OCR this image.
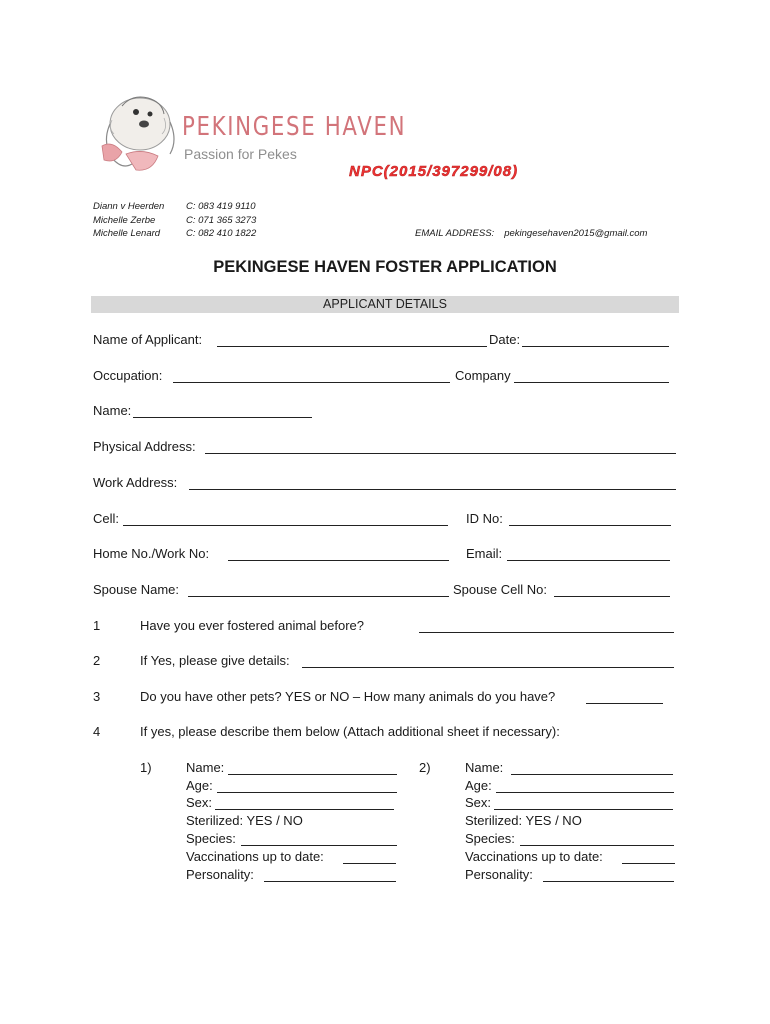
PEKINGESE HAVEN
Passion for Pekes
NPC(2015/397299/08)
Diann v Heerden	C: 083 419 9110
Michelle Zerbe	C: 071 365 3273
Michelle Lenard	C: 082 410 1822	EMAIL ADDRESS: pekingesehaven2015@gmail.com
PEKINGESE HAVEN FOSTER APPLICATION
APPLICANT DETAILS
Name of Applicant:	Date:
Occupation:	Company
Name:
Physical Address:
Work Address:
Cell:	ID No:
Home No./Work No:	Email:
Spouse Name:	Spouse Cell No:
1	Have you ever fostered animal before?
2	If Yes, please give details:
3	Do you have other pets? YES or NO – How many animals do you have?
4	If yes, please describe them below (Attach additional sheet if necessary):
1)	Name:
Age:
Sex:
Sterilized: YES / NO
Species:
Vaccinations up to date:
Personality:
2)	Name:
Age:
Sex:
Sterilized: YES / NO
Species:
Vaccinations up to date:
Personality:
